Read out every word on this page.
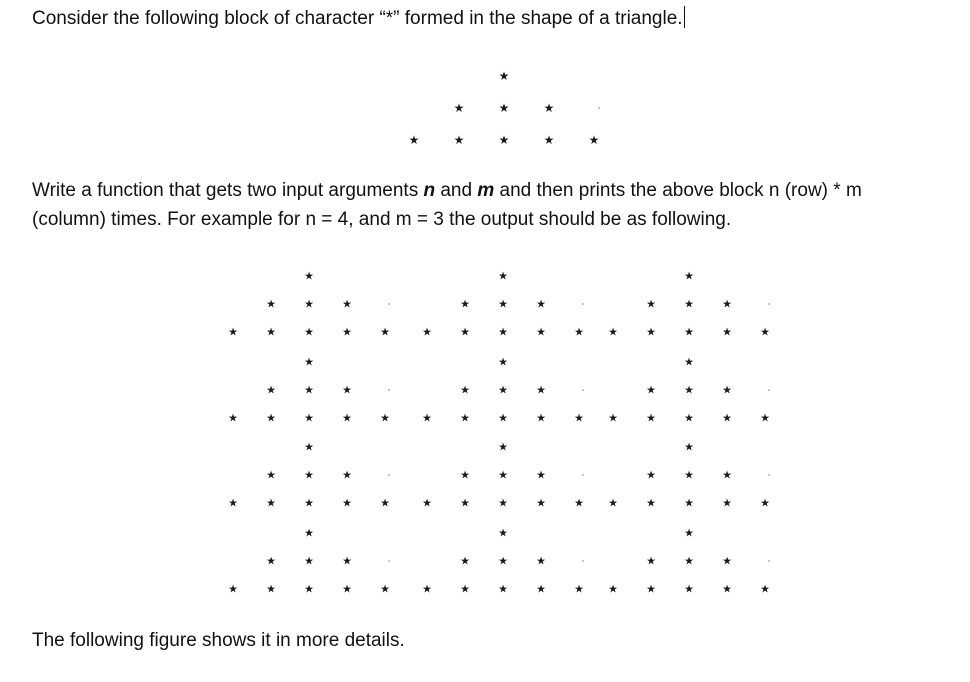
Consider the following block of character “*” formed in the shape of a triangle.

★
★	★	★
★	★	★	★	★
Write a function that gets two input arguments n and m and then prints the above block n (row) * m
(column) times. For example for n = 4, and m = 3 the output should be as following.
★
★	★	★
★	★	★	★	★
★
★	★	★
★	★	★	★	★
★
★	★	★
★	★	★	★	★
★
★	★	★
★	★	★	★	★
★
★	★	★
★	★	★	★	★
★
★	★	★
★	★	★	★	★
★
★	★	★
★	★	★	★	★
★
★	★	★
★	★	★	★	★
★
★	★	★
★	★	★	★	★
★
★	★	★
★	★	★	★	★
★
★	★	★
★	★	★	★	★
★
★	★	★
★	★	★	★	★

The following figure shows it in more details.
